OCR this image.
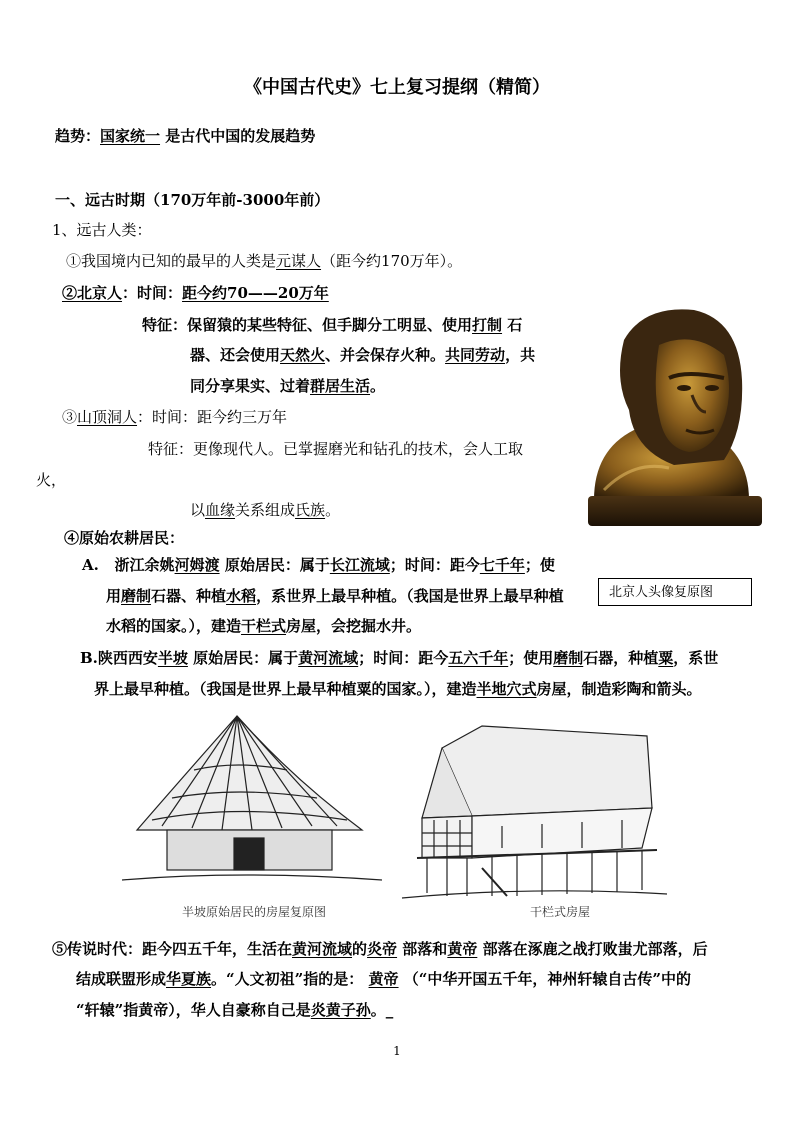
《中国古代史》七上复习提纲（精简）
趋势：国家统一 是古代中国的发展趋势
一、远古时期（170万年前-3000年前）
1、远古人类：
①我国境内已知的最早的人类是元谋人（距今约170万年）。
②北京人：时间：距今约70——20万年
特征：保留猿的某些特征、但手脚分工明显、使用打制 石
器、还会使用天然火、并会保存火种。共同劳动，共
同分享果实、过着群居生活。
③山顶洞人：时间：距今约三万年
特征：更像现代人。已掌握磨光和钻孔的技术，会人工取
火，
以血缘关系组成氏族。
北京人头像复原图
④原始农耕居民：
A. 浙江余姚河姆渡 原始居民：属于长江流域；时间：距今七千年；使
用磨制石器、种植水稻，系世界上最早种植。（我国是世界上最早种植
水稻的国家。），建造干栏式房屋，会挖掘水井。
B.陕西西安半坡 原始居民：属于黄河流域；时间：距今五六千年；使用磨制石器，种植粟，系世
界上最早种植。（我国是世界上最早种植粟的国家。），建造半地穴式房屋，制造彩陶和箭头。
半坡原始居民的房屋复原图	干栏式房屋
⑤传说时代：距今四五千年，生活在黄河流域的炎帝 部落和黄帝 部落在涿鹿之战打败蚩尤部落，后
结成联盟形成华夏族。“人文初祖”指的是： 黄帝 （“中华开国五千年，神州轩辕自古传”中的
“轩辕”指黄帝），华人自豪称自己是炎黄子孙。_
1
